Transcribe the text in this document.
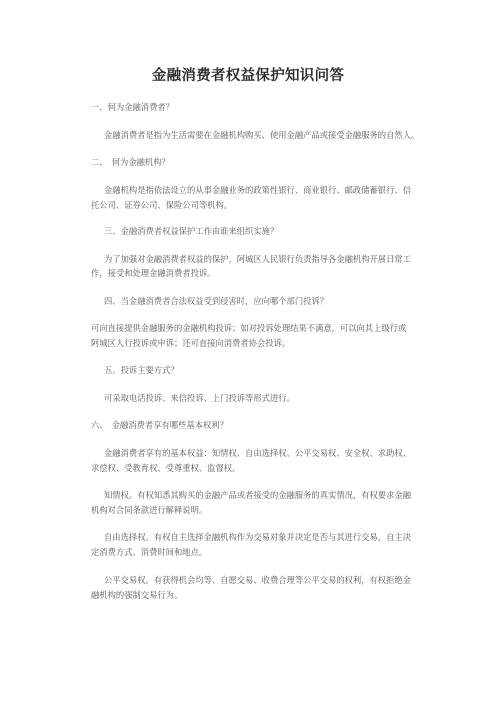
金融消费者权益保护知识问答
一、何为金融消费者？
金融消费者是指为生活需要在金融机构购买、使用金融产品或接受金融服务的自然人。
二、　何为金融机构？
金融机构是指依法设立的从事金融业务的政策性银行、商业银行、邮政储蓄银行、信
托公司、证券公司、保险公司等机构。
三、金融消费者权益保护工作由谁来组织实施？
为了加强对金融消费者权益的保护，阿城区人民银行负责指导各金融机构开展日常工
作，接受和处理金融消费者投诉。
四、当金融消费者合法权益受到侵害时，应向哪个部门投诉？
可向直接提供金融服务的金融机构投诉；如对投诉处理结果不满意，可以向其上级行或
阿城区人行投诉或申诉；还可直接向消费者协会投诉。
五、投诉主要方式？
可采取电话投诉、来信投诉、上门投诉等形式进行。
六、　金融消费者享有哪些基本权利？
金融消费者享有的基本权益：知情权、自由选择权、公平交易权、安全权、求助权、
求偿权、受教育权、受尊重权、监督权。
知情权。有权知悉其购买的金融产品或者接受的金融服务的真实情况，有权要求金融
机构对合同条款进行解释说明。
自由选择权。有权自主选择金融机构作为交易对象并决定是否与其进行交易，自主决
定消费方式、消费时间和地点。
公平交易权。有获得机会均等、自愿交易、收费合理等公平交易的权利，有权拒绝金
融机构的强制交易行为。
